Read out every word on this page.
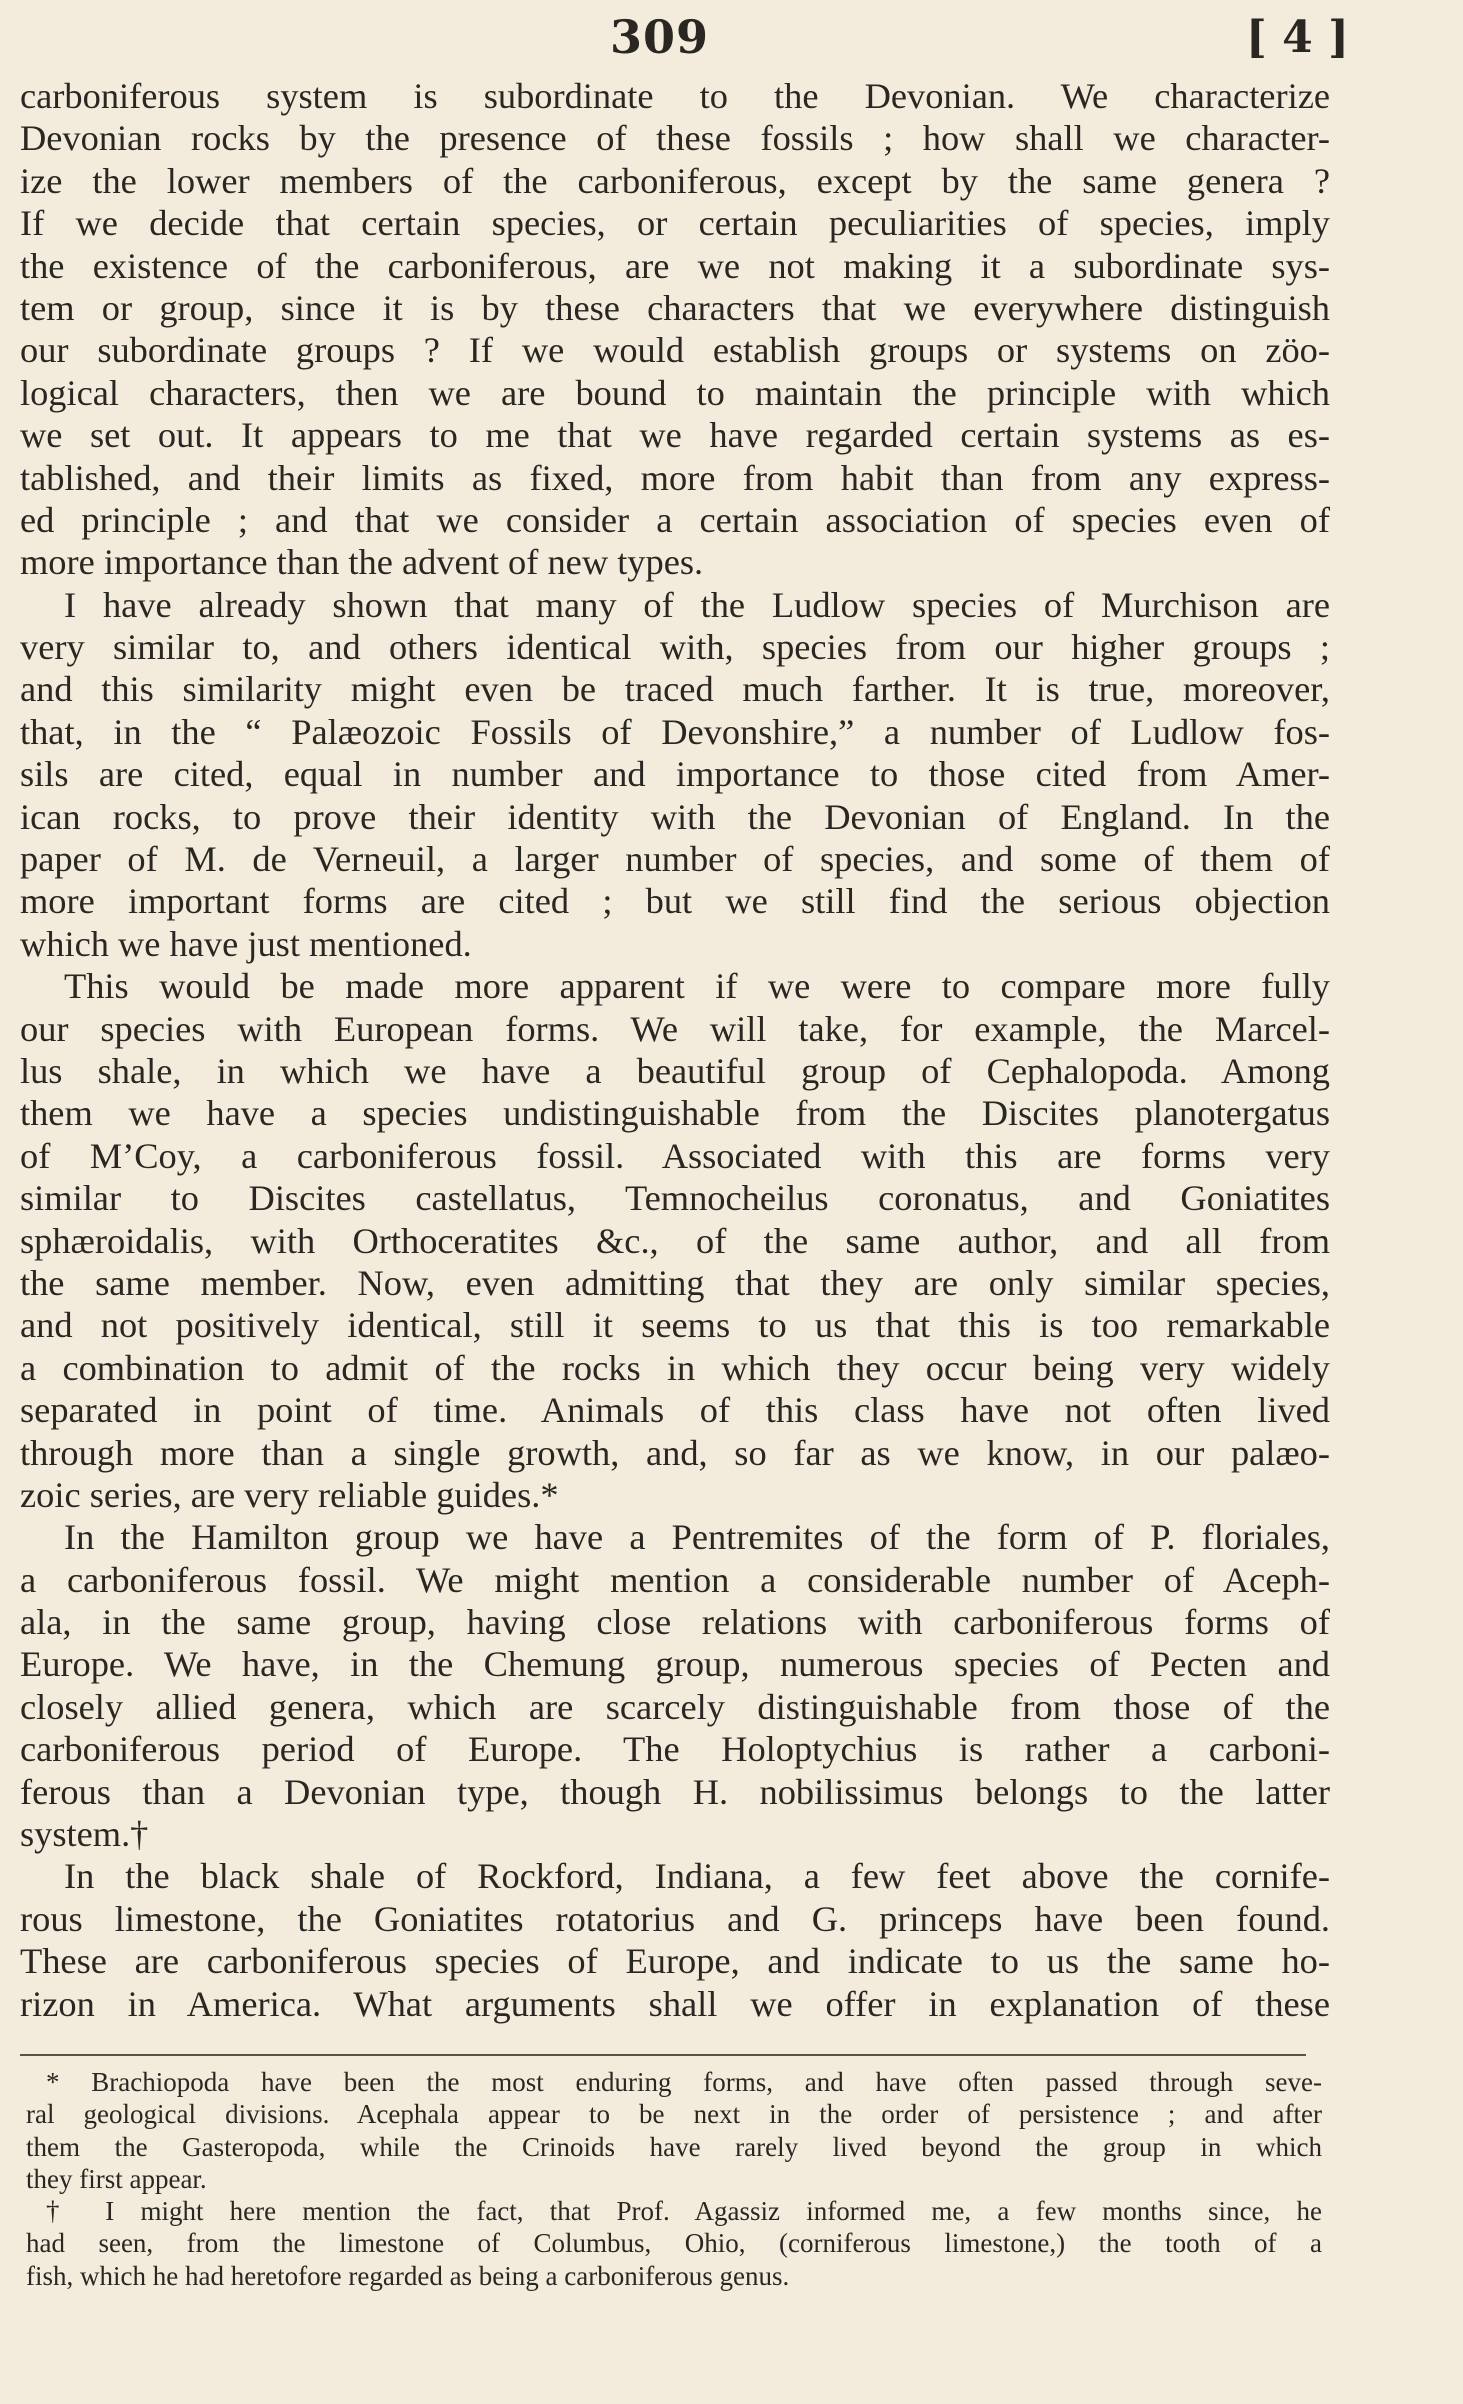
309	[ 4 ]
carboniferous system is subordinate to the Devonian. We characterize
Devonian rocks by the presence of these fossils ; how shall we character-
ize the lower members of the carboniferous, except by the same genera ?
If we decide that certain species, or certain peculiarities of species, imply
the existence of the carboniferous, are we not making it a subordinate sys-
tem or group, since it is by these characters that we everywhere distinguish
our subordinate groups ? If we would establish groups or systems on zöo-
logical characters, then we are bound to maintain the principle with which
we set out. It appears to me that we have regarded certain systems as es-
tablished, and their limits as fixed, more from habit than from any express-
ed principle ; and that we consider a certain association of species even of
more importance than the advent of new types.
I have already shown that many of the Ludlow species of Murchison are
very similar to, and others identical with, species from our higher groups ;
and this similarity might even be traced much farther. It is true, moreover,
that, in the “ Palæozoic Fossils of Devonshire,” a number of Ludlow fos-
sils are cited, equal in number and importance to those cited from Amer-
ican rocks, to prove their identity with the Devonian of England. In the
paper of M. de Verneuil, a larger number of species, and some of them of
more important forms are cited ; but we still find the serious objection
which we have just mentioned.
This would be made more apparent if we were to compare more fully
our species with European forms. We will take, for example, the Marcel-
lus shale, in which we have a beautiful group of Cephalopoda. Among
them we have a species undistinguishable from the Discites planotergatus
of M’Coy, a carboniferous fossil. Associated with this are forms very
similar to Discites castellatus, Temnocheilus coronatus, and Goniatites
sphæroidalis, with Orthoceratites &c., of the same author, and all from
the same member. Now, even admitting that they are only similar species,
and not positively identical, still it seems to us that this is too remarkable
a combination to admit of the rocks in which they occur being very widely
separated in point of time. Animals of this class have not often lived
through more than a single growth, and, so far as we know, in our palæo-
zoic series, are very reliable guides.*
In the Hamilton group we have a Pentremites of the form of P. florіales,
a carboniferous fossil. We might mention a considerable number of Aceph-
ala, in the same group, having close relations with carboniferous forms of
Europe. We have, in the Chemung group, numerous species of Pecten and
closely allied genera, which are scarcely distinguishable from those of the
carboniferous period of Europe. The Holoptychius is rather a carboni-
ferous than a Devonian type, though H. nobilissimus belongs to the latter
system.†
In the black shale of Rockford, Indiana, a few feet above the cornife-
rous limestone, the Goniatites rotatorius and G. princeps have been found.
These are carboniferous species of Europe, and indicate to us the same ho-
rizon in America. What arguments shall we offer in explanation of these
* Brachiopoda have been the most enduring forms, and have often passed through seve-
ral geological divisions. Acephala appear to be next in the order of persistence ; and after
them the Gasteropoda, while the Crinoids have rarely lived beyond the group in which
they first appear.
† I might here mention the fact, that Prof. Agassiz informed me, a few months since, he
had seen, from the limestone of Columbus, Ohio, (corniferous limestone,) the tooth of a
fish, which he had heretofore regarded as being a carboniferous genus.
